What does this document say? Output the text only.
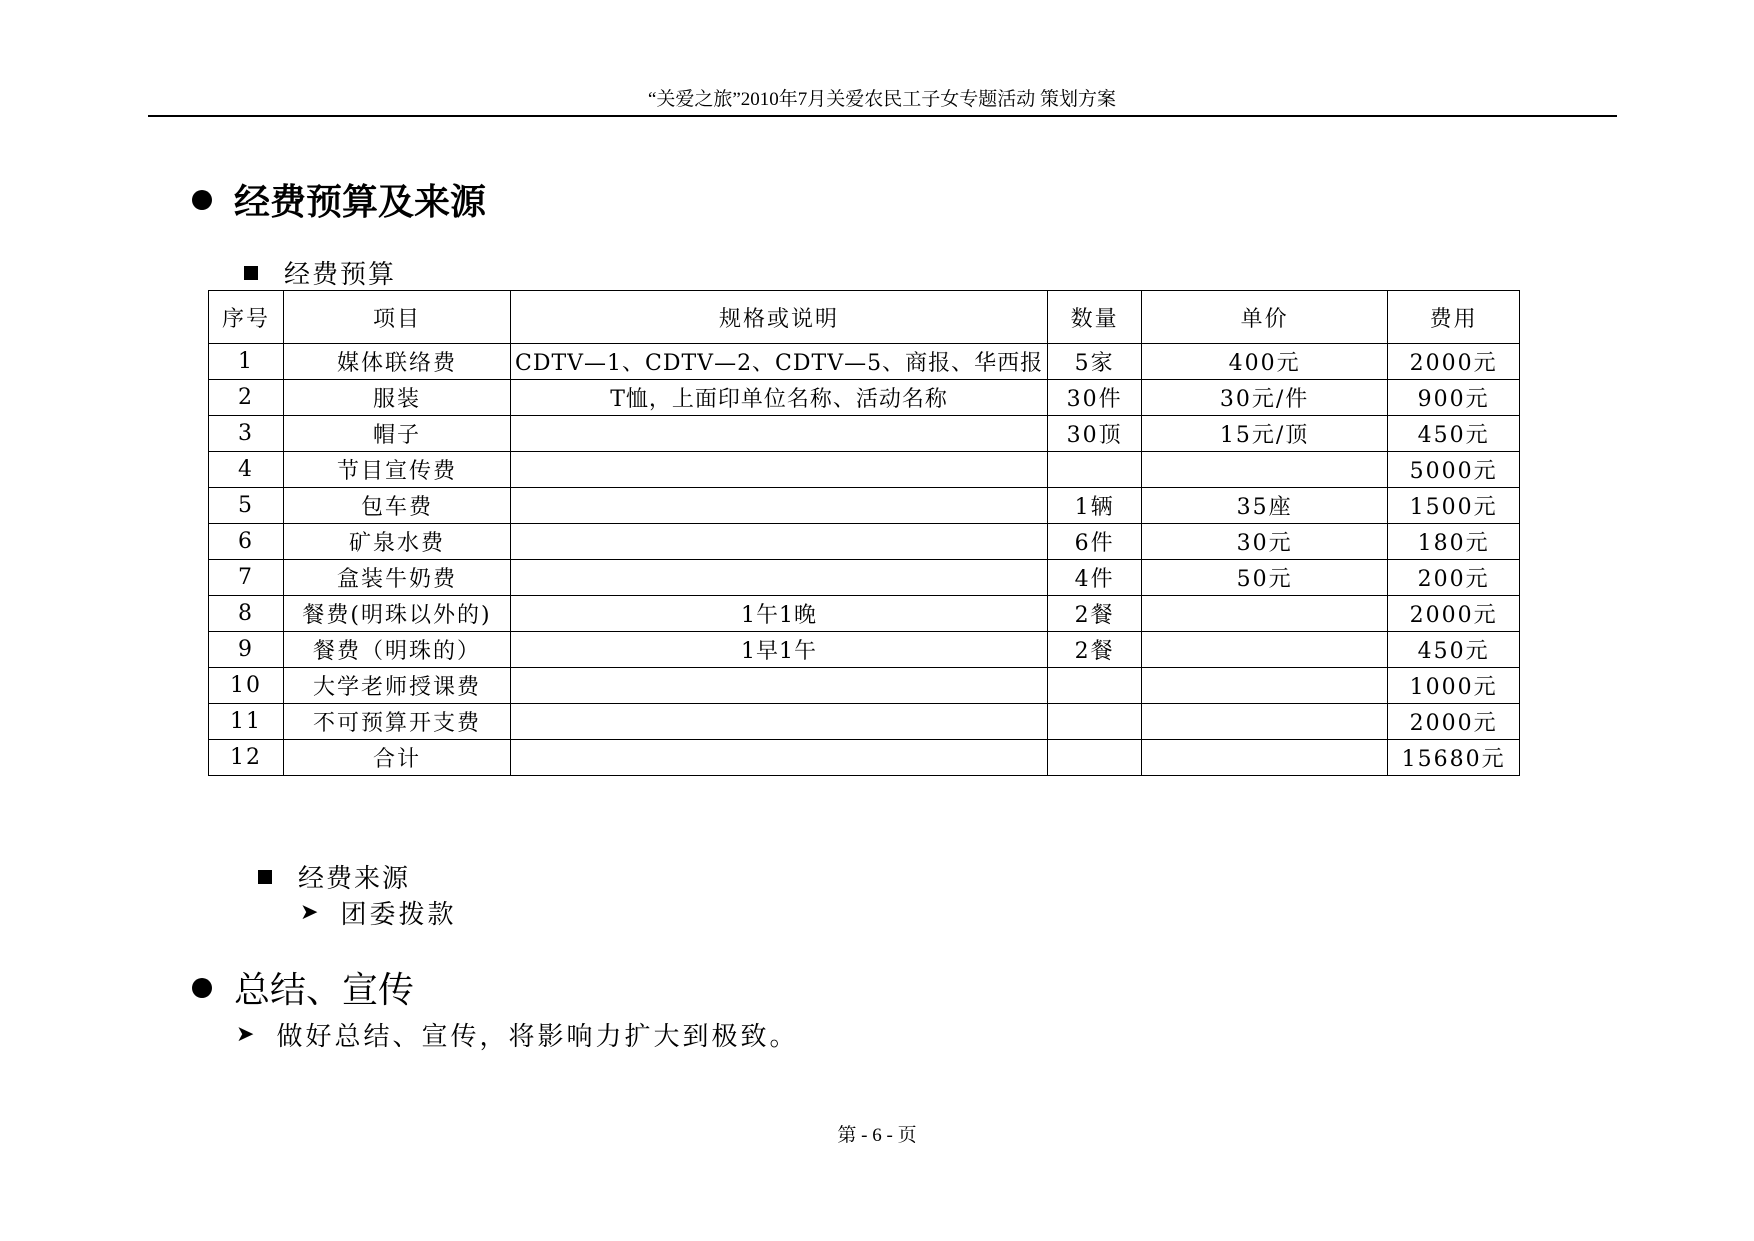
“关爱之旅”2010年7月关爱农民工子女专题活动 策划方案
经费预算及来源
经费预算
序号	项目	规格或说明	数量	单价	费用
1	媒体联络费	CDTV—1、CDTV—2、CDTV—5、商报、华西报	5家	400元	2000元
2	服装	T恤，上面印单位名称、活动名称	30件	30元/件	900元
3	帽子		30顶	15元/顶	450元
4	节目宣传费				5000元
5	包车费		1辆	35座	1500元
6	矿泉水费		6件	30元	180元
7	盒装牛奶费		4件	50元	200元
8	餐费(明珠以外的)	1午1晚	2餐		2000元
9	餐费（明珠的）	1早1午	2餐		450元
10	大学老师授课费				1000元
11	不可预算开支费				2000元
12	合计				15680元
经费来源
➤ 团委拨款
总结、宣传
➤ 做好总结、宣传，将影响力扩大到极致。
第 - 6 - 页
